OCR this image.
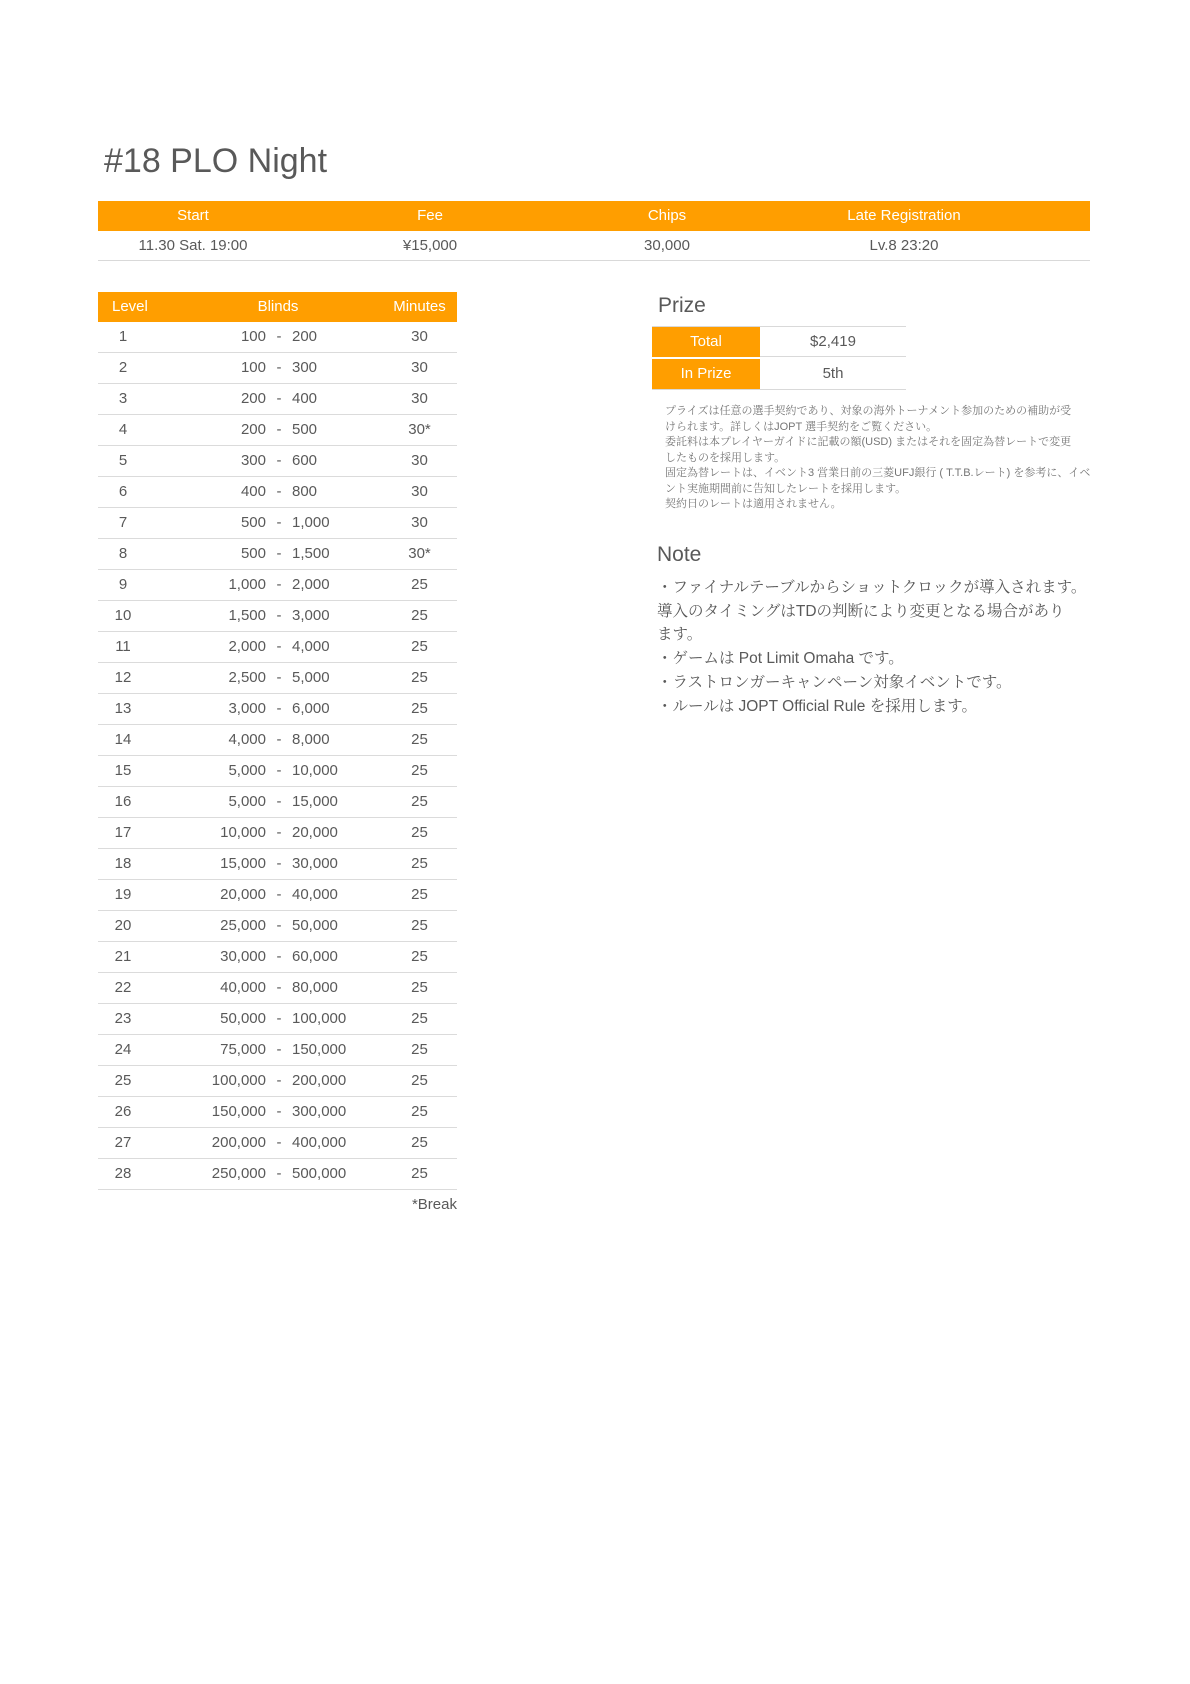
#18 PLO Night
Start	Fee	Chips	Late Registration
11.30 Sat. 19:00	¥15,000	30,000	Lv.8 23:20
Level	Blinds	Minutes
1	100 - 200	30
2	100 - 300	30
3	200 - 400	30
4	200 - 500	30*
5	300 - 600	30
6	400 - 800	30
7	500 - 1,000	30
8	500 - 1,500	30*
9	1,000 - 2,000	25
10	1,500 - 3,000	25
11	2,000 - 4,000	25
12	2,500 - 5,000	25
13	3,000 - 6,000	25
14	4,000 - 8,000	25
15	5,000 - 10,000	25
16	5,000 - 15,000	25
17	10,000 - 20,000	25
18	15,000 - 30,000	25
19	20,000 - 40,000	25
20	25,000 - 50,000	25
21	30,000 - 60,000	25
22	40,000 - 80,000	25
23	50,000 - 100,000	25
24	75,000 - 150,000	25
25	100,000 - 200,000	25
26	150,000 - 300,000	25
27	200,000 - 400,000	25
28	250,000 - 500,000	25
*Break
Prize
Total	$2,419
In Prize	5th
プライズは任意の選手契約であり、対象の海外トーナメント参加のための補助が受
けられます。詳しくはJOPT 選手契約をご覧ください。
委託料は本プレイヤーガイドに記載の額(USD) またはそれを固定為替レートで変更
したものを採用します。
固定為替レートは、イベント3 営業日前の三菱UFJ銀行 ( T.T.B.レート) を参考に、イベ
ント実施期間前に告知したレートを採用します。
契約日のレートは適用されません。
Note
・ファイナルテーブルからショットクロックが導入されます。
導入のタイミングはTDの判断により変更となる場合があり
ます。
・ゲームは Pot Limit Omaha です。
・ラストロンガーキャンペーン対象イベントです。
・ルールは JOPT Official Rule を採用します。
